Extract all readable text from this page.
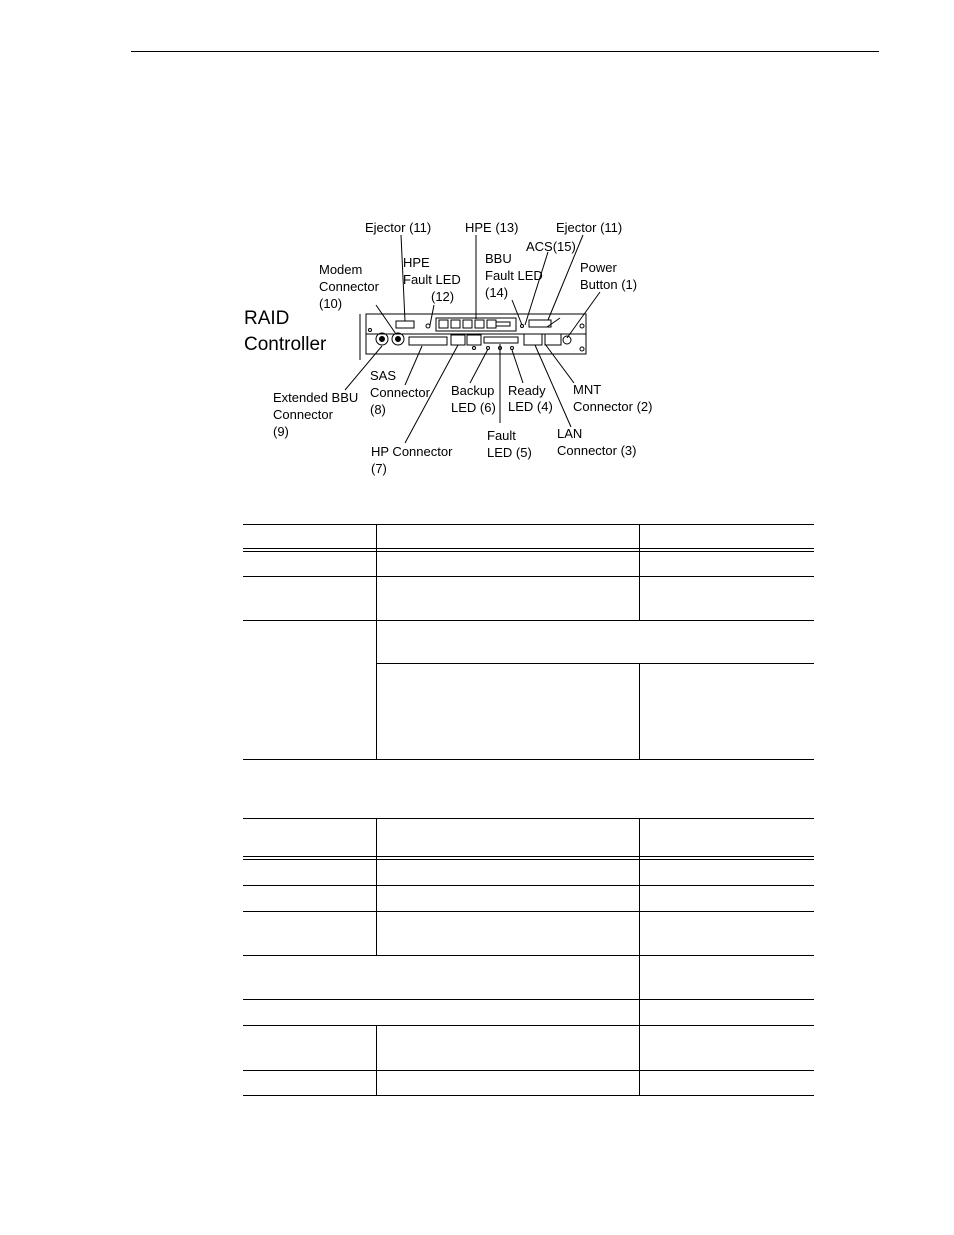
RAID
Controller
Ejector (11)	HPE (13)	Ejector (11)
ACS(15)
Modem
Connector
(10)
HPE
Fault LED
(12)
BBU
Fault LED
(14)
Power
Button (1)
Extended BBU
Connector
(9)
SAS
Connector
(8)
Backup
LED (6)
Ready
LED (4)
MNT
Connector (2)
Fault
LED (5)
LAN
Connector (3)
HP Connector
(7)
